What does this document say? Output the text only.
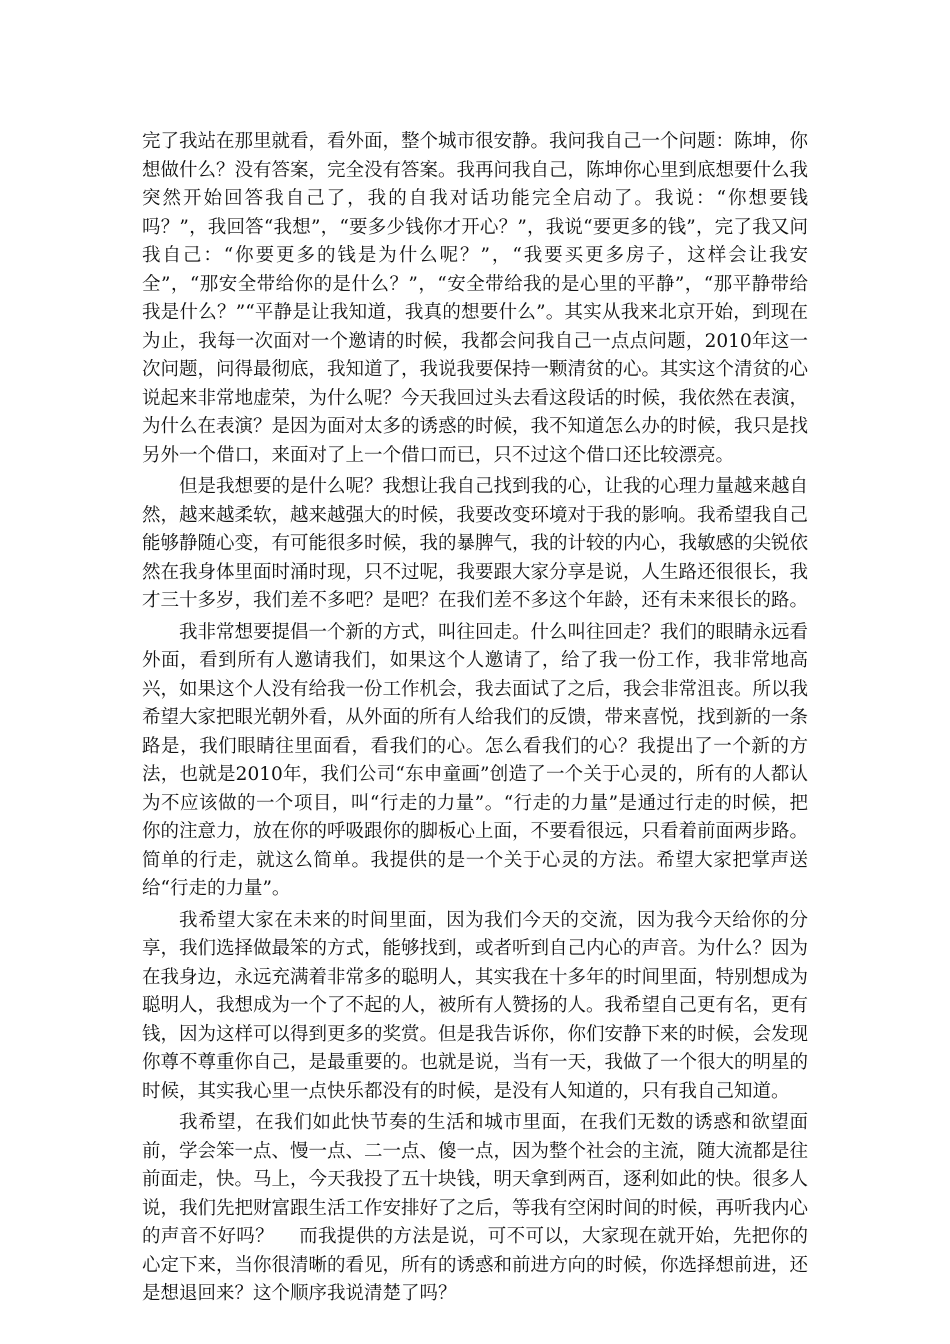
完了我站在那里就看，看外面，整个城市很安静。我问我自己一个问题：陈坤，你想做什么？没有答案，完全没有答案。我再问我自己，陈坤你心里到底想要什么我突然开始回答我自己了，我的自我对话功能完全启动了。我说：“你想要钱吗？”，我回答“我想”，“要多少钱你才开心？”，我说“要更多的钱”，完了我又问我自己：“你要更多的钱是为什么呢？”，“我要买更多房子，这样会让我安全”，“那安全带给你的是什么？”，“安全带给我的是心里的平静”，“那平静带给我是什么？”“平静是让我知道，我真的想要什么”。其实从我来北京开始，到现在为止，我每一次面对一个邀请的时候，我都会问我自己一点点问题，2010年这一次问题，问得最彻底，我知道了，我说我要保持一颗清贫的心。其实这个清贫的心说起来非常地虚荣，为什么呢？今天我回过头去看这段话的时候，我依然在表演，为什么在表演？是因为面对太多的诱惑的时候，我不知道怎么办的时候，我只是找另外一个借口，来面对了上一个借口而已，只不过这个借口还比较漂亮。

但是我想要的是什么呢？我想让我自己找到我的心，让我的心理力量越来越自然，越来越柔软，越来越强大的时候，我要改变环境对于我的影响。我希望我自己能够静随心变，有可能很多时候，我的暴脾气，我的计较的内心，我敏感的尖锐依然在我身体里面时涌时现，只不过呢，我要跟大家分享是说，人生路还很很长，我才三十多岁，我们差不多吧？是吧？在我们差不多这个年龄，还有未来很长的路。

我非常想要提倡一个新的方式，叫往回走。什么叫往回走？我们的眼睛永远看外面，看到所有人邀请我们，如果这个人邀请了，给了我一份工作，我非常地高兴，如果这个人没有给我一份工作机会，我去面试了之后，我会非常沮丧。所以我希望大家把眼光朝外看，从外面的所有人给我们的反馈，带来喜悦，找到新的一条路是，我们眼睛往里面看，看我们的心。怎么看我们的心？我提出了一个新的方法，也就是2010年，我们公司“东申童画”创造了一个关于心灵的，所有的人都认为不应该做的一个项目，叫“行走的力量”。“行走的力量”是通过行走的时候，把你的注意力，放在你的呼吸跟你的脚板心上面，不要看很远，只看着前面两步路。简单的行走，就这么简单。我提供的是一个关于心灵的方法。希望大家把掌声送给“行走的力量”。

我希望大家在未来的时间里面，因为我们今天的交流，因为我今天给你的分享，我们选择做最笨的方式，能够找到，或者听到自己内心的声音。为什么？因为在我身边，永远充满着非常多的聪明人，其实我在十多年的时间里面，特别想成为聪明人，我想成为一个了不起的人，被所有人赞扬的人。我希望自己更有名，更有钱，因为这样可以得到更多的奖赏。但是我告诉你，你们安静下来的时候，会发现你尊不尊重你自己，是最重要的。也就是说，当有一天，我做了一个很大的明星的时候，其实我心里一点快乐都没有的时候，是没有人知道的，只有我自己知道。

我希望，在我们如此快节奏的生活和城市里面，在我们无数的诱惑和欲望面前，学会笨一点、慢一点、二一点、傻一点，因为整个社会的主流，随大流都是往前面走，快。马上，今天我投了五十块钱，明天拿到两百，逐利如此的快。很多人说，我们先把财富跟生活工作安排好了之后，等我有空闲时间的时候，再听我内心的声音不好吗？　 而我提供的方法是说，可不可以，大家现在就开始，先把你的心定下来，当你很清晰的看见，所有的诱惑和前进方向的时候，你选择想前进，还是想退回来？这个顺序我说清楚了吗？
